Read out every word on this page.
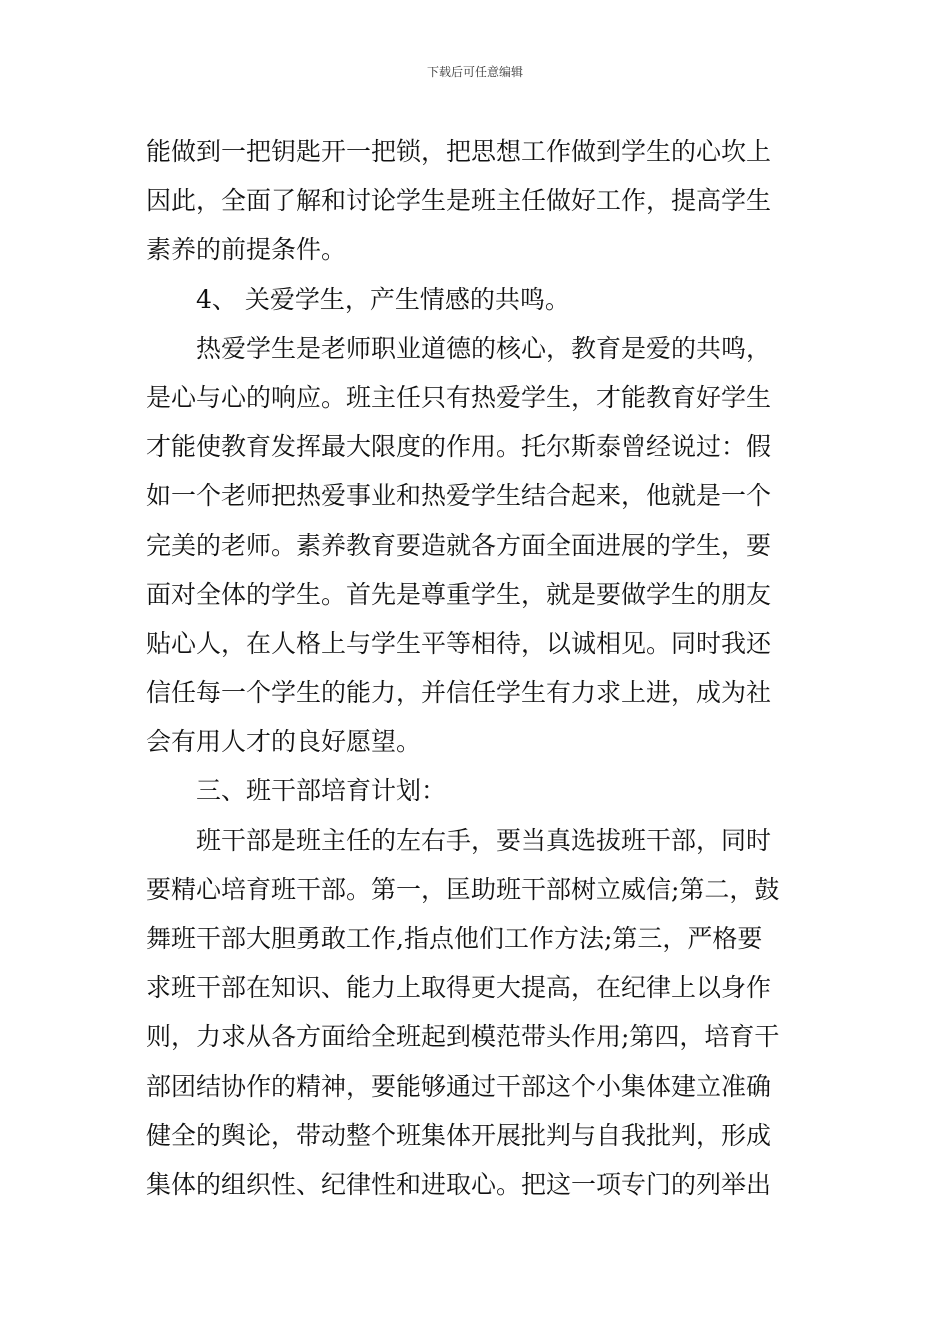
下载后可任意编辑
能做到一把钥匙开一把锁，把思想工作做到学生的心坎上
因此，全面了解和讨论学生是班主任做好工作，提高学生
素养的前提条件。
4、 关爱学生，产生情感的共鸣。
热爱学生是老师职业道德的核心，教育是爱的共鸣，
是心与心的响应。班主任只有热爱学生，才能教育好学生
才能使教育发挥最大限度的作用。托尔斯泰曾经说过：假
如一个老师把热爱事业和热爱学生结合起来，他就是一个
完美的老师。素养教育要造就各方面全面进展的学生，要
面对全体的学生。首先是尊重学生，就是要做学生的朋友
贴心人，在人格上与学生平等相待，以诚相见。同时我还
信任每一个学生的能力，并信任学生有力求上进，成为社
会有用人才的良好愿望。
三、班干部培育计划：
班干部是班主任的左右手，要当真选拔班干部，同时
要精心培育班干部。第一，匡助班干部树立威信;第二，鼓
舞班干部大胆勇敢工作,指点他们工作方法;第三，严格要
求班干部在知识、能力上取得更大提高，在纪律上以身作
则，力求从各方面给全班起到模范带头作用;第四，培育干
部团结协作的精神，要能够通过干部这个小集体建立准确
健全的舆论，带动整个班集体开展批判与自我批判，形成
集体的组织性、纪律性和进取心。把这一项专门的列举出
